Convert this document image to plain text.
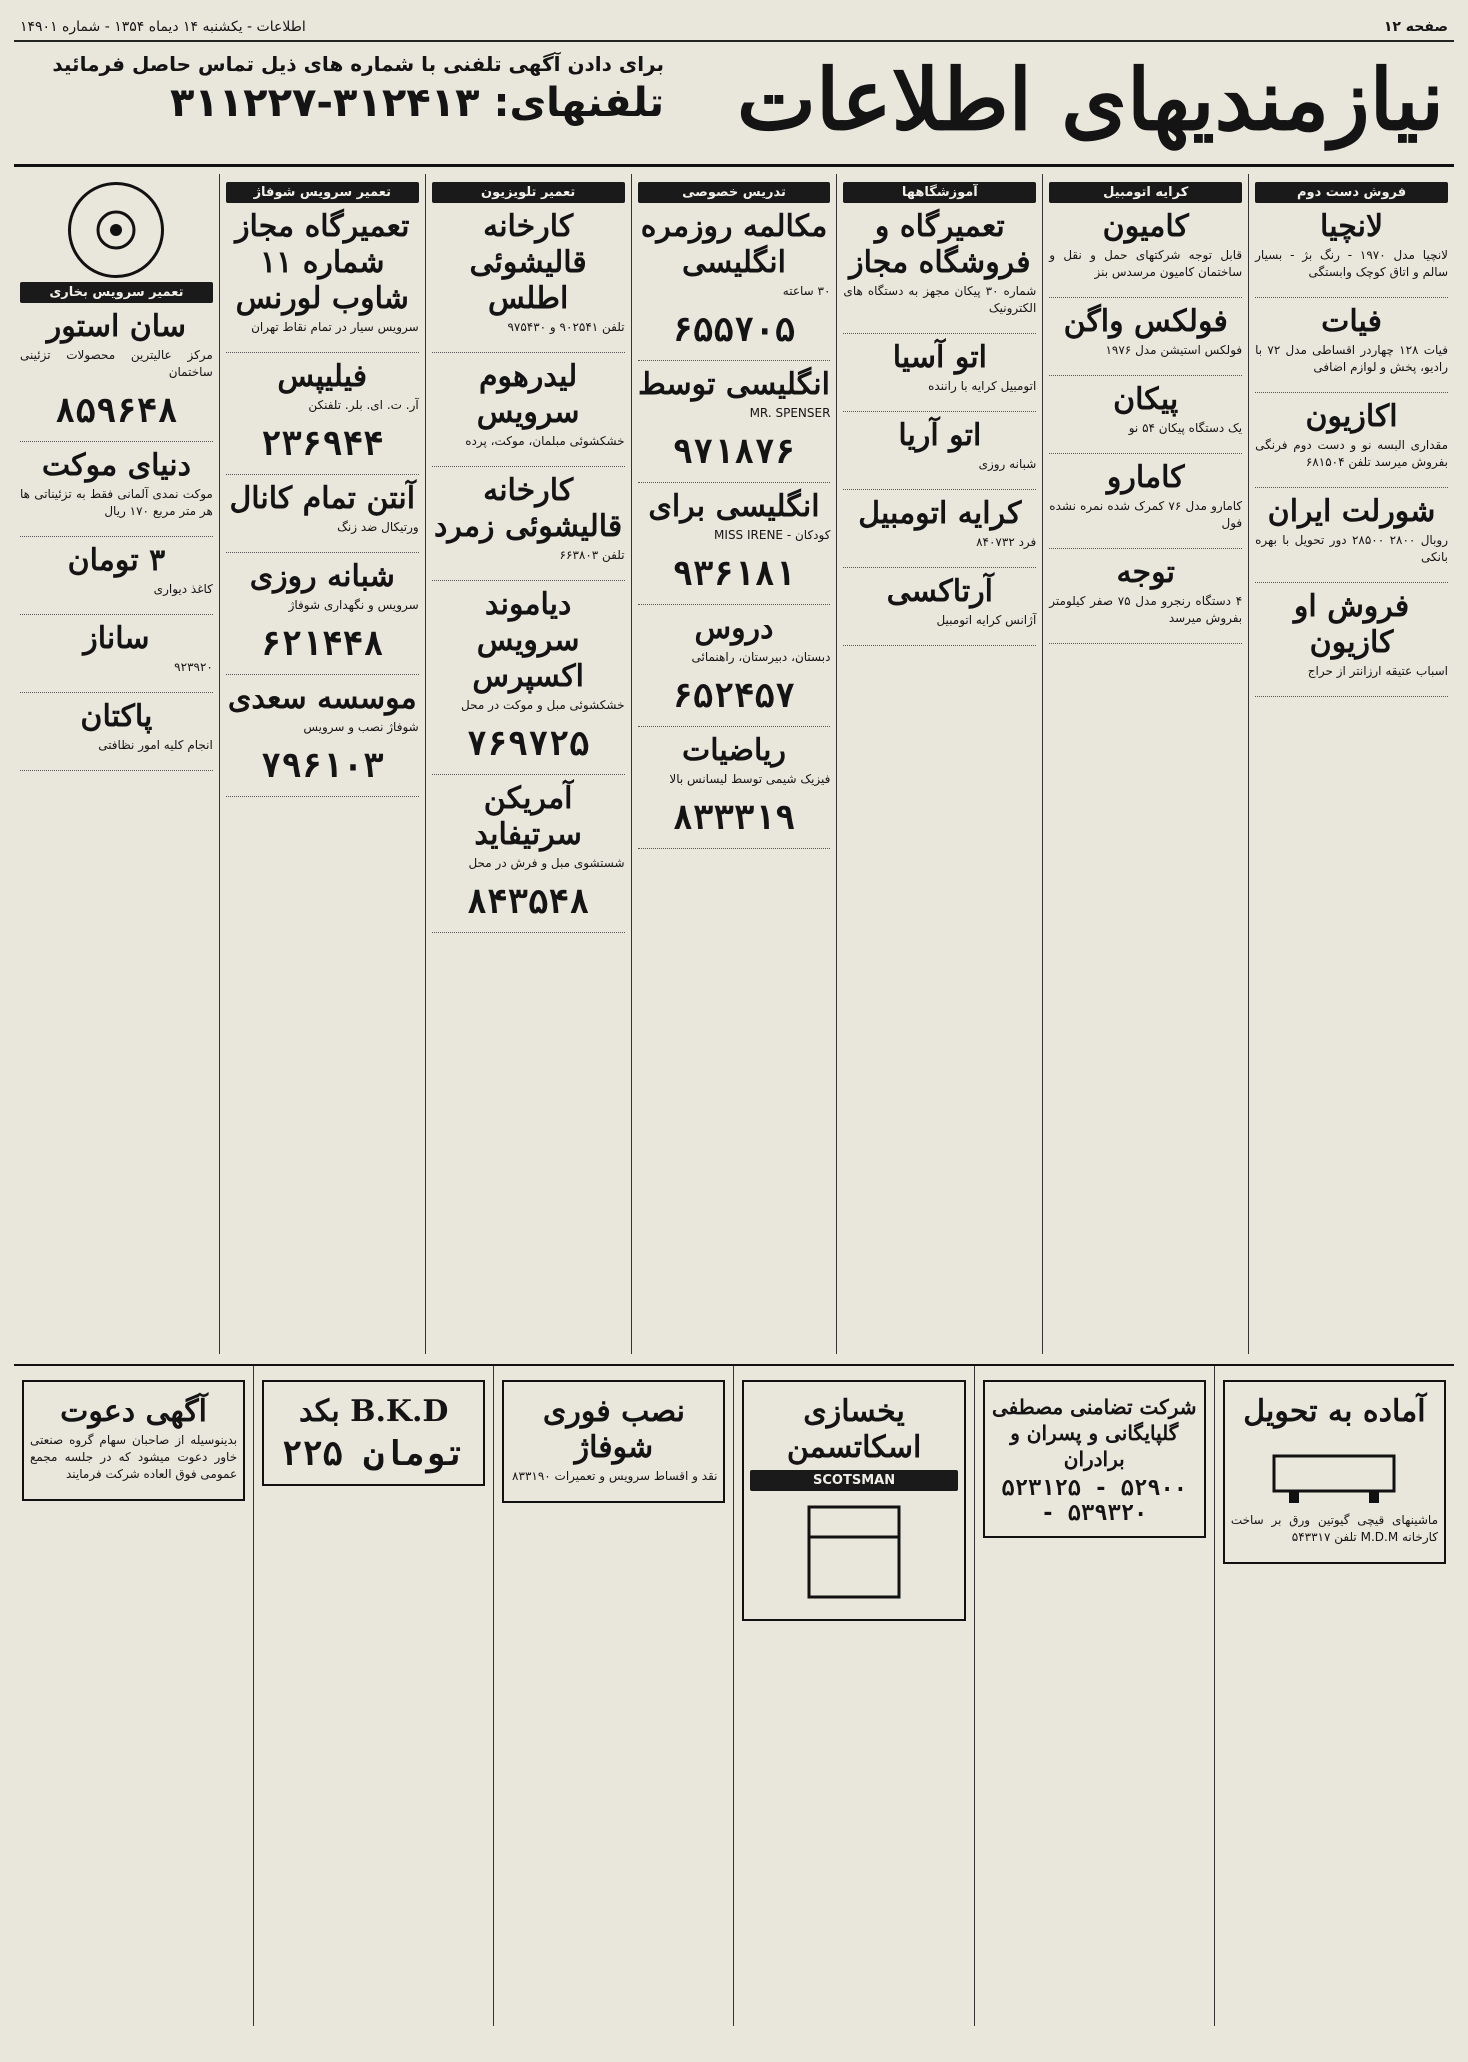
صفحه ۱۲
اطلاعات - یکشنبه ۱۴ دیماه ۱۳۵۴ - شماره ۱۴۹۰۱
نیازمندیهای اطلاعات
برای دادن آگهی تلفنی با شماره های ذیل تماس حاصل فرمائید
تلفنهای: ۳۱۲۴۱۳-۳۱۱۲۲۷
فروش دست دوم
لانچیا
لانچیا مدل ۱۹۷۰ - رنگ بژ - بسیار سالم و اتاق کوچک وابستگی
فیات
فیات ۱۲۸ چهاردر اقساطی مدل ۷۲ با رادیو، پخش و لوازم اضافی
اکازیون
مقداری البسه نو و دست دوم فرنگی بفروش میرسد تلفن ۶۸۱۵۰۴
شورلت ایران
روبال ۲۸۰۰ ۲۸۵۰۰ دور تحویل با بهره بانکی
فروش او کازیون
اسباب عتیقه ارزانتر از حراج
کرایه اتومبیل
کامیون
قابل توجه شرکتهای حمل و نقل و ساختمان کامیون مرسدس بنز
فولکس واگن
فولکس استیشن مدل ۱۹۷۶
پیکان
یک دستگاه پیکان ۵۴ نو
کامارو
کامارو مدل ۷۶ کمرک شده نمره نشده فول
توجه
۴ دستگاه رنجرو مدل ۷۵ صفر کیلومتر بفروش میرسد
آموزشگاهها
تعمیرگاه و فروشگاه مجاز
شماره ۳۰ پیکان مجهز به دستگاه های الکترونیک
اتو آسیا
اتومبیل کرایه با راننده
اتو آریا
شبانه روزی
کرایه اتومبیل
فرد ۸۴۰۷۳۲
آرتاکسی
آژانس کرایه اتومبیل
تدریس خصوصی
مکالمه روزمره انگلیسی
۳۰ ساعته
۶۵۵۷۰۵
انگلیسی توسط
MR. SPENSER
۹۷۱۸۷۶
انگلیسی برای
کودکان - MISS IRENE
۹۳۶۱۸۱
دروس
دبستان، دبیرستان، راهنمائی
۶۵۲۴۵۷
ریاضیات
فیزیک شیمی توسط لیسانس بالا
۸۳۳۳۱۹
تعمیر تلویزیون
کارخانه قالیشوئی اطلس
تلفن ۹۰۲۵۴۱ و ۹۷۵۴۳۰
لیدرهوم سرویس
خشکشوئی مبلمان، موکت، پرده
کارخانه قالیشوئی زمرد
تلفن ۶۶۳۸۰۳
دیاموند سرویس اکسپرس
خشکشوئی مبل و موکت در محل
۷۶۹۷۲۵
آمریکن سرتیفاید
شستشوی مبل و فرش در محل
۸۴۳۵۴۸
تعمیر سرویس شوفاژ
تعمیرگاه مجاز شماره ۱۱ شاوب لورنس
سرویس سیار در تمام نقاط تهران
فیلیپس
آر. ت. ای. بلر. تلفنکن
۲۳۶۹۴۴
آنتن تمام کانال
ورتیکال ضد زنگ
شبانه روزی
سرویس و نگهداری شوفاژ
۶۲۱۴۴۸
موسسه سعدی
شوفاژ نصب و سرویس
۷۹۶۱۰۳
تعمیر سرویس بخاری
سان استور
مرکز عالیترین محصولات تزئینی ساختمان
۸۵۹۶۴۸
دنیای موکت
موکت نمدی آلمانی فقط به تزئیناتی ها هر متر مربع ۱۷۰ ریال
۳ تومان
کاغذ دیواری
ساناز
۹۲۳۹۲۰
پاکتان
انجام کلیه امور نظافتی
آماده به تحویل
ماشینهای قیچی گیوتین ورق بر ساخت کارخانه M.D.M تلفن ۵۴۳۳۱۷
شرکت تضامنی مصطفی گلپایگانی و پسران و برادران
۵۲۳۱۲۵ - ۵۲۹۰۰ - ۵۳۹۳۲۰
یخسازی اسکاتسمن
SCOTSMAN
نصب فوری شوفاژ
نقد و اقساط سرویس و تعمیرات ۸۳۳۱۹۰
B.K.D بکد
۲۲۵ تومان
آگهی دعوت
بدینوسیله از صاحبان سهام گروه صنعتی خاور دعوت میشود که در جلسه مجمع عمومی فوق العاده شرکت فرمایند
